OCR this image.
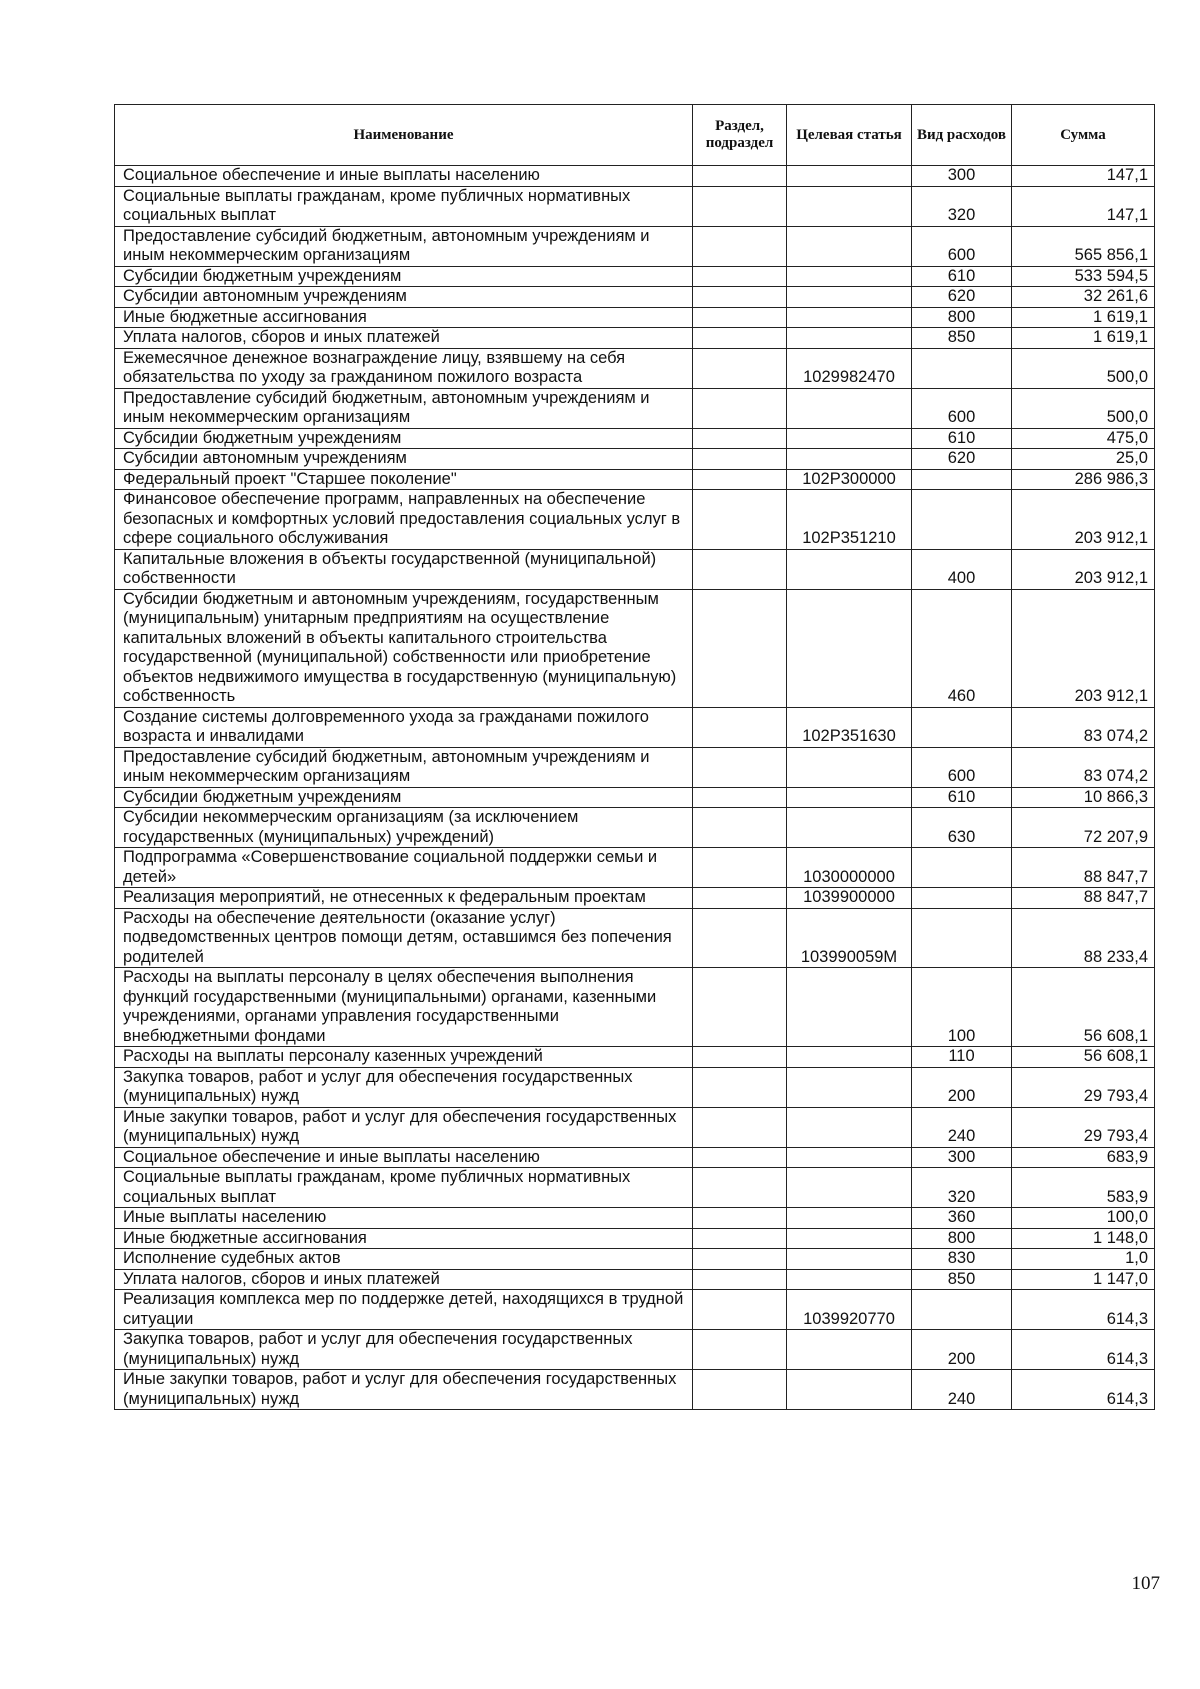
Наименование	Раздел, подраздел	Целевая статья	Вид расходов	Сумма
Социальное обеспечение и иные выплаты населению			300	147,1
Социальные выплаты гражданам, кроме публичных нормативных социальных выплат			320	147,1
Предоставление субсидий бюджетным, автономным учреждениям и иным некоммерческим организациям			600	565 856,1
Субсидии бюджетным учреждениям			610	533 594,5
Субсидии автономным учреждениям			620	32 261,6
Иные бюджетные ассигнования			800	1 619,1
Уплата налогов, сборов и иных платежей			850	1 619,1
Ежемесячное денежное вознаграждение лицу, взявшему на себя обязательства по уходу за гражданином пожилого возраста		1029982470		500,0
Предоставление субсидий бюджетным, автономным учреждениям и иным некоммерческим организациям			600	500,0
Субсидии бюджетным учреждениям			610	475,0
Субсидии автономным учреждениям			620	25,0
Федеральный проект "Старшее поколение"		102P300000		286 986,3
Финансовое обеспечение программ, направленных на обеспечение безопасных и комфортных условий предоставления социальных услуг в сфере социального обслуживания		102P351210		203 912,1
Капитальные вложения в объекты государственной (муниципальной) собственности			400	203 912,1
Субсидии бюджетным и автономным учреждениям, государственным (муниципальным) унитарным предприятиям на осуществление капитальных вложений в объекты капитального строительства государственной (муниципальной) собственности или приобретение объектов недвижимого имущества в государственную (муниципальную) собственность			460	203 912,1
Создание системы долговременного ухода за гражданами пожилого возраста и инвалидами		102P351630		83 074,2
Предоставление субсидий бюджетным, автономным учреждениям и иным некоммерческим организациям			600	83 074,2
Субсидии бюджетным учреждениям			610	10 866,3
Субсидии некоммерческим организациям (за исключением государственных (муниципальных) учреждений)			630	72 207,9
Подпрограмма «Совершенствование социальной поддержки семьи и детей»		1030000000		88 847,7
Реализация мероприятий, не отнесенных к федеральным проектам		1039900000		88 847,7
Расходы на обеспечение деятельности (оказание услуг) подведомственных центров помощи детям, оставшимся без попечения родителей		103990059M		88 233,4
Расходы на выплаты персоналу в целях обеспечения выполнения функций государственными (муниципальными) органами, казенными учреждениями, органами управления государственными внебюджетными фондами			100	56 608,1
Расходы на выплаты персоналу казенных учреждений			110	56 608,1
Закупка товаров, работ и услуг для обеспечения государственных (муниципальных) нужд			200	29 793,4
Иные закупки товаров, работ и услуг для обеспечения государственных (муниципальных) нужд			240	29 793,4
Социальное обеспечение и иные выплаты населению			300	683,9
Социальные выплаты гражданам, кроме публичных нормативных социальных выплат			320	583,9
Иные выплаты населению			360	100,0
Иные бюджетные ассигнования			800	1 148,0
Исполнение судебных актов			830	1,0
Уплата налогов, сборов и иных платежей			850	1 147,0
Реализация комплекса мер по поддержке детей, находящихся в трудной ситуации		1039920770		614,3
Закупка товаров, работ и услуг для обеспечения государственных (муниципальных) нужд			200	614,3
Иные закупки товаров, работ и услуг для обеспечения государственных (муниципальных) нужд			240	614,3
107
